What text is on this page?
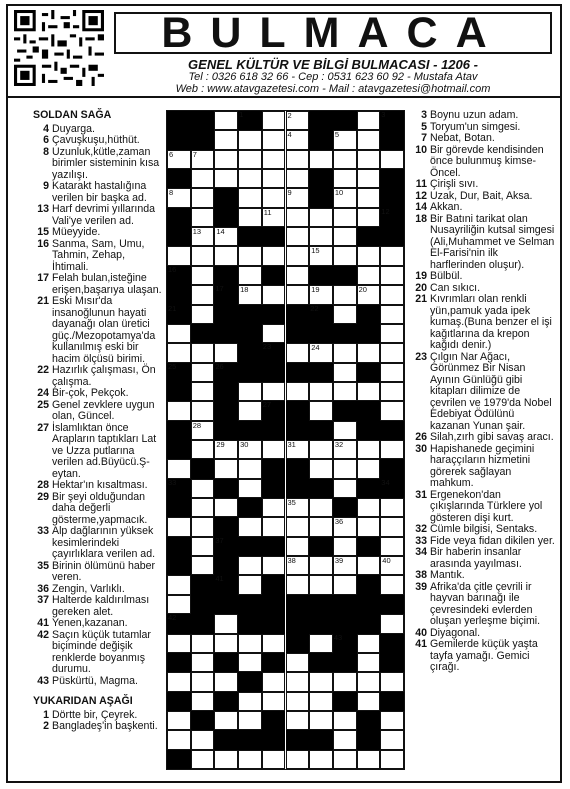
BULMACA
GENEL KÜLTÜR VE BİLGİ BULMACASI - 1206 -
Tel : 0326 618 32 66 - Cep : 0531 623 60 92 - Mustafa Atav
Web : www.atavgazetesi.com - Mail : atavgazetesi@hotmail.com
SOLDAN SAĞA
4 Duyarga.
6 Çavuşkuşu,hüthüt.
8 Uzunluk,kütle,zaman birimler sisteminin kısa yazılışı.
9 Katarakt hastalığına verilen bir başka ad.
13 Harf devrimi yıllarında Vali'ye verilen ad.
15 Müeyyide.
16 Sanma, Sam, Umu, Tahmin, Zehap, İhtimali.
17 Felah bulan,isteğine erişen,başarıya ulaşan.
21 Eski Mısır'da insanoğlunun hayati dayanağı olan üretici güç./Mezopotamya'da kullanılmış eski bir hacim ölçüsü birimi.
22 Hazırlık çalışması, Ön çalışma.
24 Bir-çok, Pekçok.
25 Genel zevklere uygun olan, Güncel.
27 İslamlıktan önce Arapların taptıkları Lat ve Uzza putlarına verilen ad.Büyücü.Ş-eytan.
28 Hektar'ın kısaltması.
29 Bir şeyi olduğundan daha değerli gösterme,yapmacık.
33 Alp dağlarının yüksek kesimlerindeki çayırlıklara verilen ad.
35 Birinin ölümünü haber veren.
36 Zengin, Varlıklı.
37 Halterde kaldırılması gereken alet.
41 Yenen,kazanan.
42 Saçın küçük tutamlar biçiminde değişik renklerde boyanmış durumu.
43 Püskürtü, Magma.
YUKARIDAN AŞAĞI
1 Dörtte bir, Çeyrek.
2 Bangladeş'in başkenti.
3 Boynu uzun adam.
5 Toryum'un simgesi.
7 Nebat, Botan.
10 Bir görevde kendisinden önce bulunmuş kimse-Öncel.
11 Çirişli sıvı.
12 Uzak, Dur, Bait, Aksa.
14 Akkan.
18 Bir Batıni tarikat olan Nusayriliğin kutsal simgesi (Ali,Muhammet ve Selman El-Farisi'nin ilk harflerinden oluşur).
19 Bülbül.
20 Can sıkıcı.
21 Kıvrımları olan renkli yün,pamuk yada ipek kumaş.(Buna benzer el işi kağıtlarına da krepon kağıdı denir.)
23 Çılgın Nar Ağacı, Görünmez Bir Nisan Ayının Günlüğü gibi kitapları dilimize de çevrilen ve 1979'da Nobel Edebiyat Ödülünü kazanan Yunan şair.
26 Silah,zırh gibi savaş aracı.
30 Hapishanede geçimini haraççıların hizmetini görerek sağlayan mahkum.
31 Ergenekon'dan çıkışlarında Türklere yol gösteren dişi kurt.
32 Cümle bilgisi, Sentaks.
33 Fide veya fidan dikilen yer.
34 Bir haberin insanlar arasında yayılması.
38 Mantık.
39 Afrika'da çitle çevrili ir hayvan barınağı ile çevresindeki evlerden oluşan yerleşme biçimi.
40 Diyagonal.
41 Gemilerde küçük yaşta tayfa yamağı. Gemici çırağı.
1	2	3
4	5
6	7
8	9	10
11	12
13 14
15
16
17 18	19	20
21	22
23	24
25	26
27
28
29 30	31	32
33	34
35
36
37
38	39	40
41
42
43
